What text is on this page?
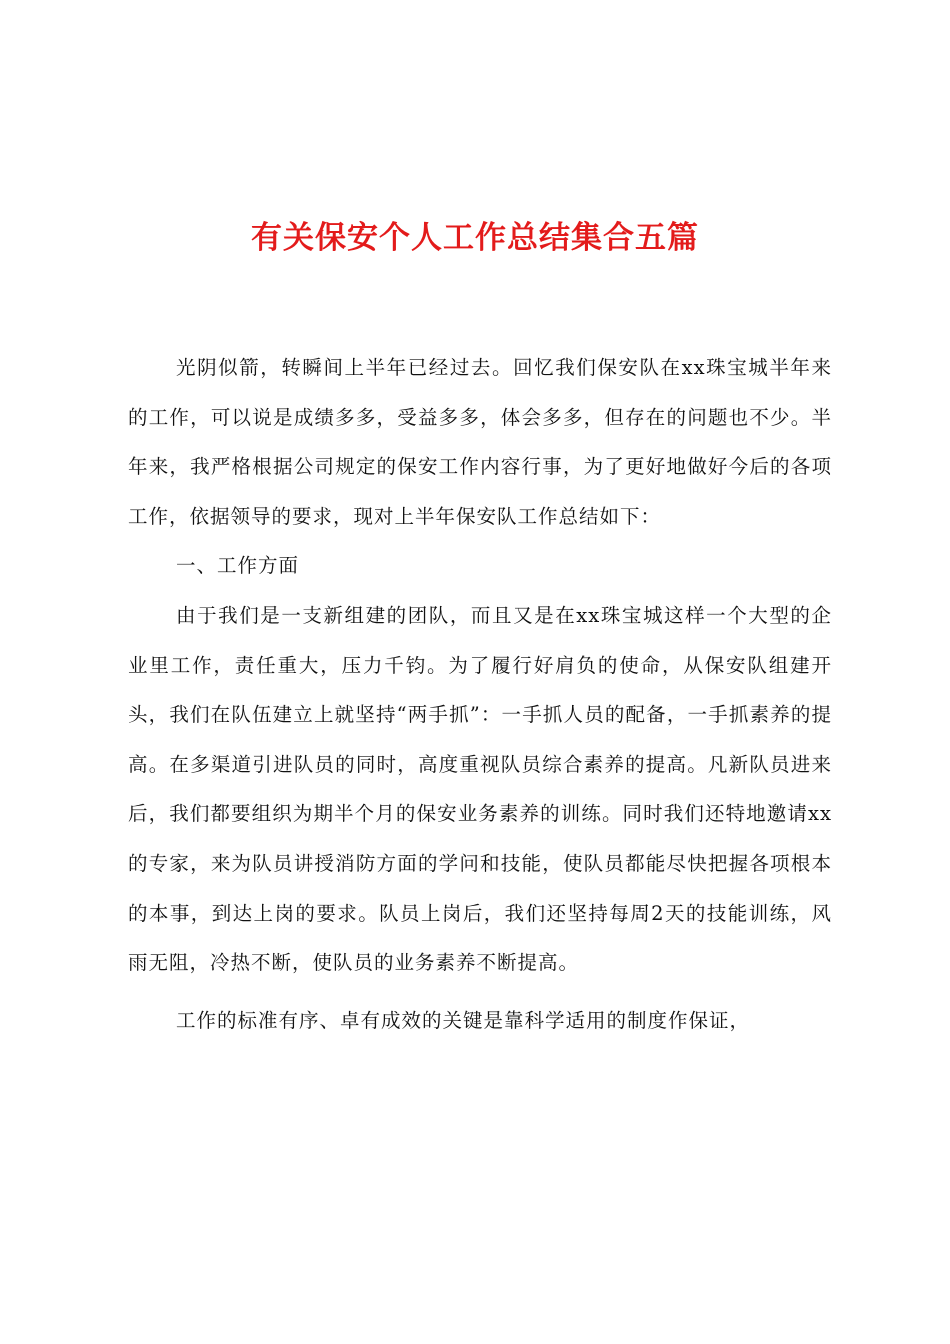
有关保安个人工作总结集合五篇

光阴似箭，转瞬间上半年已经过去。回忆我们保安队在xx珠宝城半年来的工作，可以说是成绩多多，受益多多，体会多多，但存在的问题也不少。半年来，我严格根据公司规定的保安工作内容行事，为了更好地做好今后的各项工作，依据领导的要求，现对上半年保安队工作总结如下：

一、工作方面

由于我们是一支新组建的团队，而且又是在xx珠宝城这样一个大型的企业里工作，责任重大，压力千钧。为了履行好肩负的使命，从保安队组建开头，我们在队伍建立上就坚持“两手抓”：一手抓人员的配备，一手抓素养的提高。在多渠道引进队员的同时，高度重视队员综合素养的提高。凡新队员进来后，我们都要组织为期半个月的保安业务素养的训练。同时我们还特地邀请xx的专家，来为队员讲授消防方面的学问和技能，使队员都能尽快把握各项根本的本事，到达上岗的要求。队员上岗后，我们还坚持每周2天的技能训练，风雨无阻，冷热不断，使队员的业务素养不断提高。

工作的标准有序、卓有成效的关键是靠科学适用的制度作保证，
